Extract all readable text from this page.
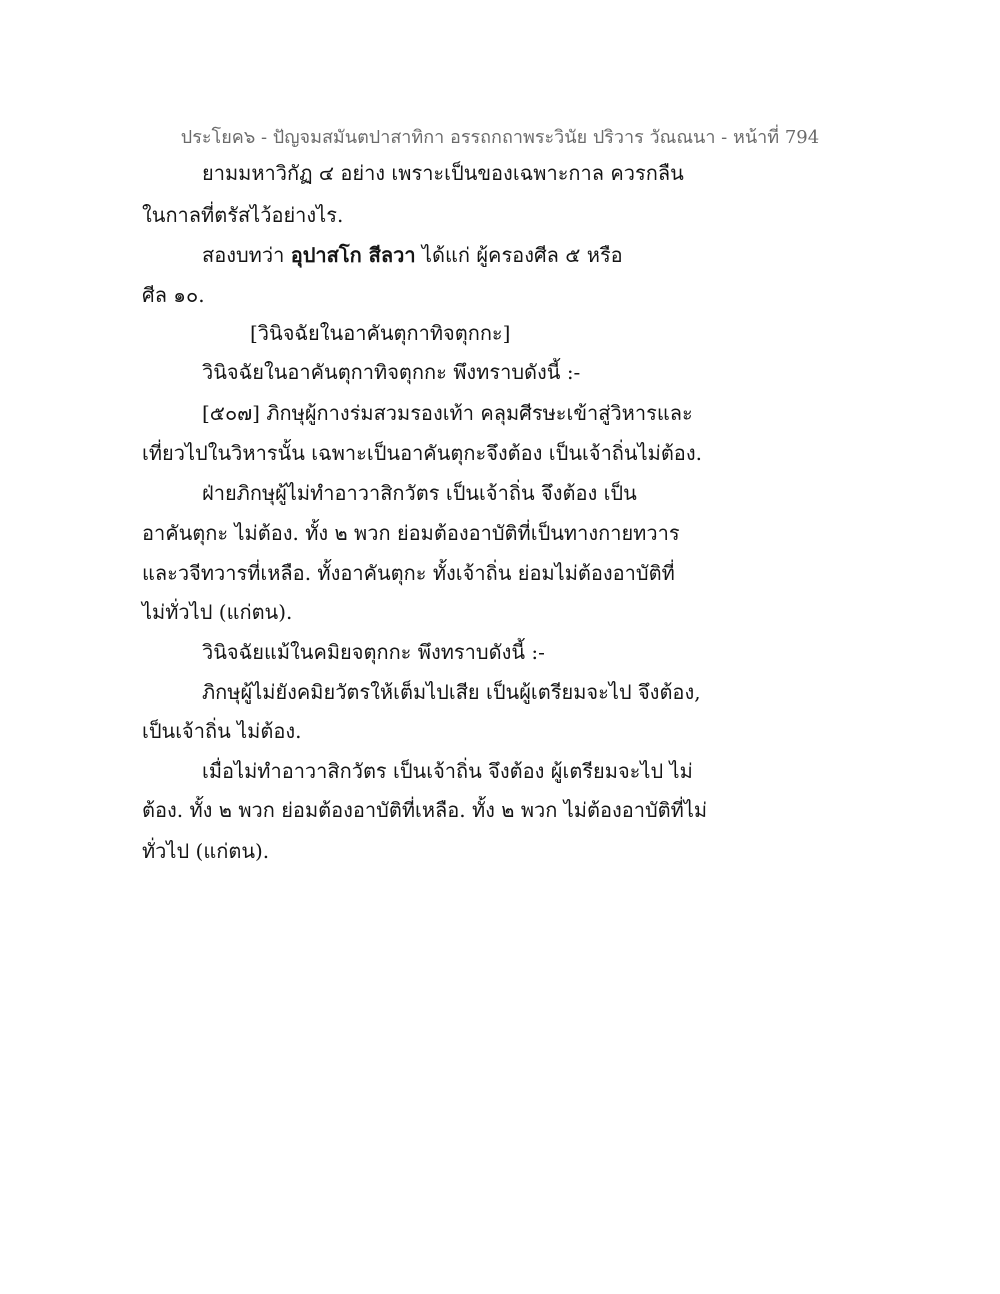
ประโยค๖ - ปัญจมสมันตปาสาทิกา อรรถกถาพระวินัย ปริวาร วัณณนา - หน้าที่ 794
ยามมหาวิกัฏ ๔ อย่าง เพราะเป็นของเฉพาะกาล ควรกลืน
ในกาลที่ตรัสไว้อย่างไร.
สองบทว่า อุปาสโก สีลวา ได้แก่ ผู้ครองศีล ๕ หรือ
ศีล ๑๐.
[วินิจฉัยในอาคันตุกาทิจตุกกะ]
วินิจฉัยในอาคันตุกาทิจตุกกะ พึงทราบดังนี้ :-
[๕๐๗] ภิกษุผู้กางร่มสวมรองเท้า คลุมศีรษะเข้าสู่วิหารและ
เที่ยวไปในวิหารนั้น เฉพาะเป็นอาคันตุกะจึงต้อง เป็นเจ้าถิ่นไม่ต้อง.
ฝ่ายภิกษุผู้ไม่ทำอาวาสิกวัตร เป็นเจ้าถิ่น จึงต้อง เป็น
อาคันตุกะ ไม่ต้อง. ทั้ง ๒ พวก ย่อมต้องอาบัติที่เป็นทางกายทวาร
และวจีทวารที่เหลือ. ทั้งอาคันตุกะ ทั้งเจ้าถิ่น ย่อมไม่ต้องอาบัติที่
ไม่ทั่วไป (แก่ตน).
วินิจฉัยแม้ในคมิยจตุกกะ พึงทราบดังนี้ :-
ภิกษุผู้ไม่ยังคมิยวัตรให้เต็มไปเสีย เป็นผู้เตรียมจะไป จึงต้อง,
เป็นเจ้าถิ่น ไม่ต้อง.
เมื่อไม่ทำอาวาสิกวัตร เป็นเจ้าถิ่น จึงต้อง ผู้เตรียมจะไป ไม่
ต้อง. ทั้ง ๒ พวก ย่อมต้องอาบัติที่เหลือ. ทั้ง ๒ พวก ไม่ต้องอาบัติที่ไม่
ทั่วไป (แก่ตน).
